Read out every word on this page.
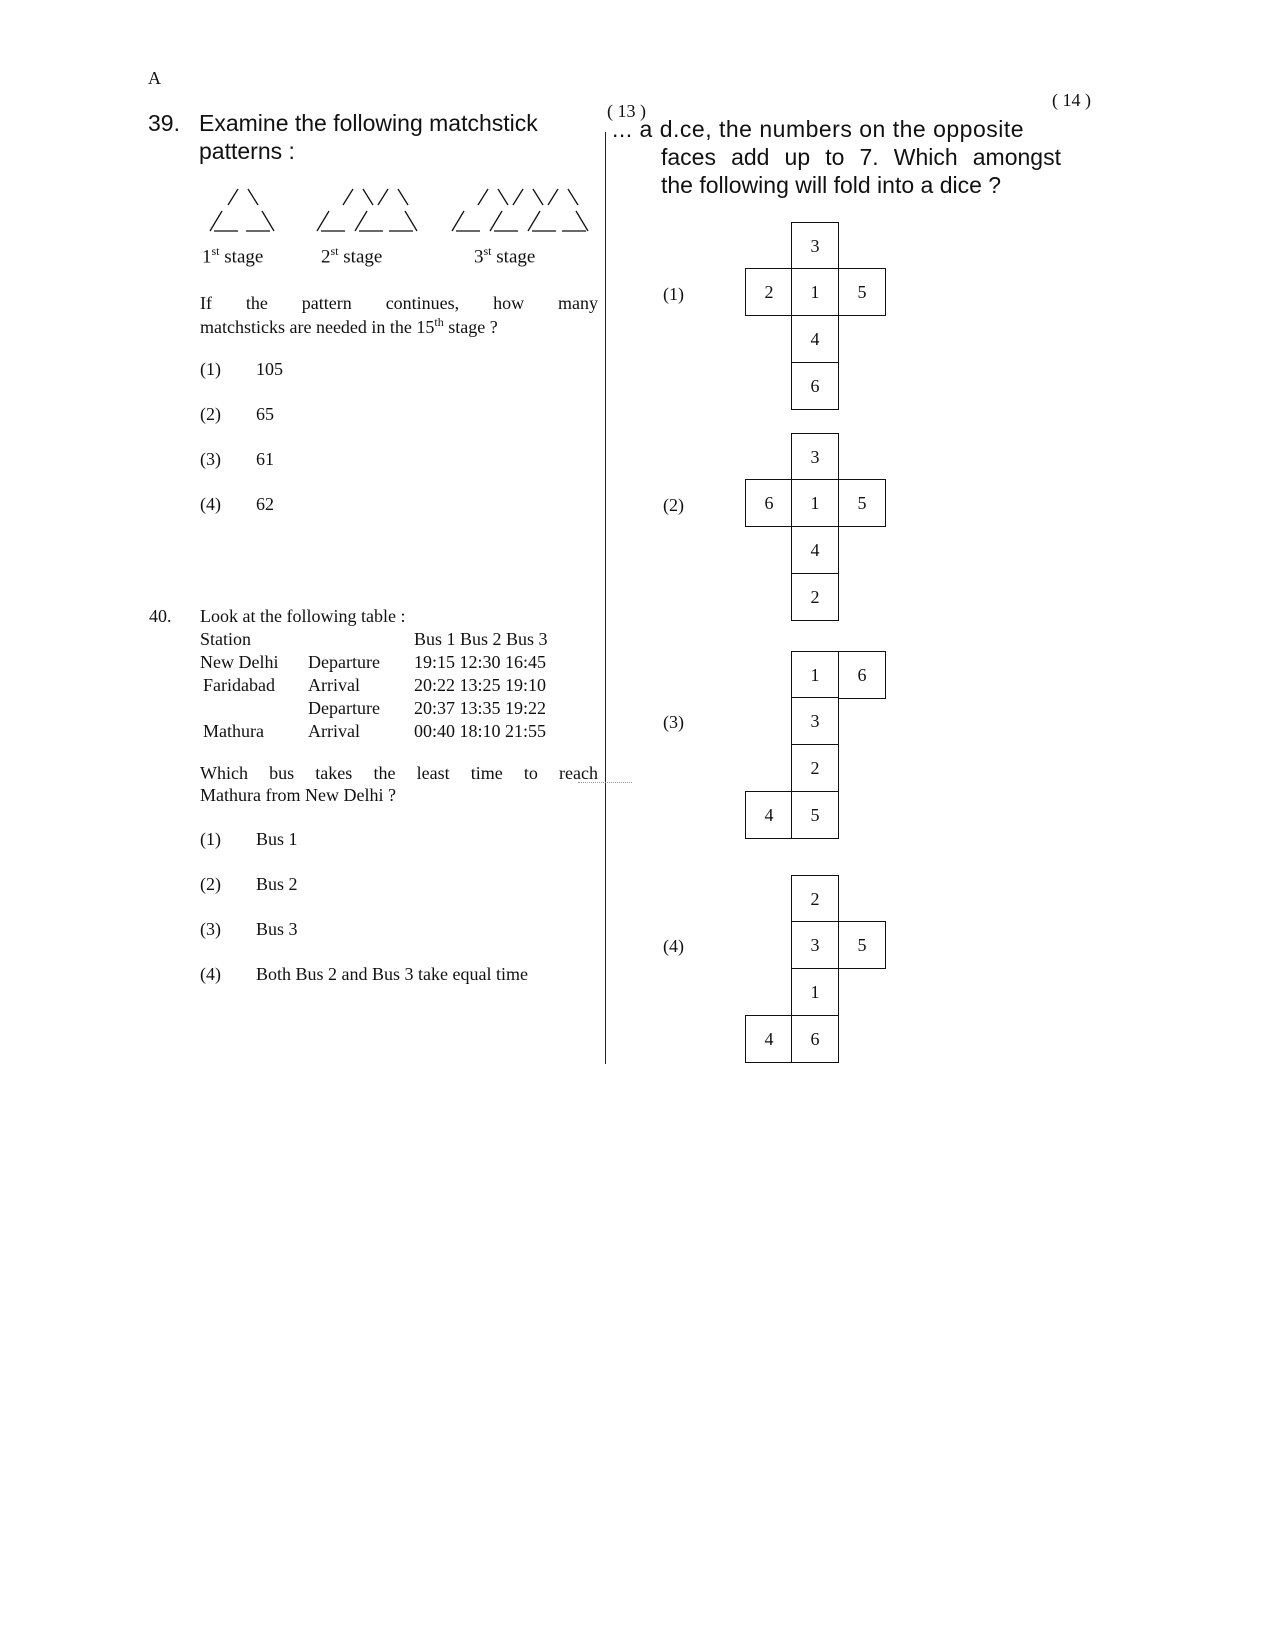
A
( 13 )
( 14 )
39. Examine the following matchstick
patterns :
1st stage	2st stage	3st stage
If the pattern continues, how many
matchsticks are needed in the 15th stage ?
(1) 105
(2) 65
(3) 61
(4) 62
40. Look at the following table :
Station		Bus 1 Bus 2 Bus 3
New Delhi	Departure	19:15 12:30 16:45
Faridabad	Arrival	20:22 13:25 19:10
	Departure	20:37 13:35 19:22
Mathura	Arrival	00:40 18:10 21:55
Which bus takes the least time to reach
Mathura from New Delhi ?
(1) Bus 1
(2) Bus 2
(3) Bus 3
(4) Both Bus 2 and Bus 3 take equal time
... a d.ce, the numbers on the opposite
faces add up to 7. Which amongst
the following will fold into a dice ?
(1)
3
2	1	5
4
6
(2)
3
6	1	5
4
2
(3)
1	6
3
2
4	5
(4)
2
3	5
1
4	6
